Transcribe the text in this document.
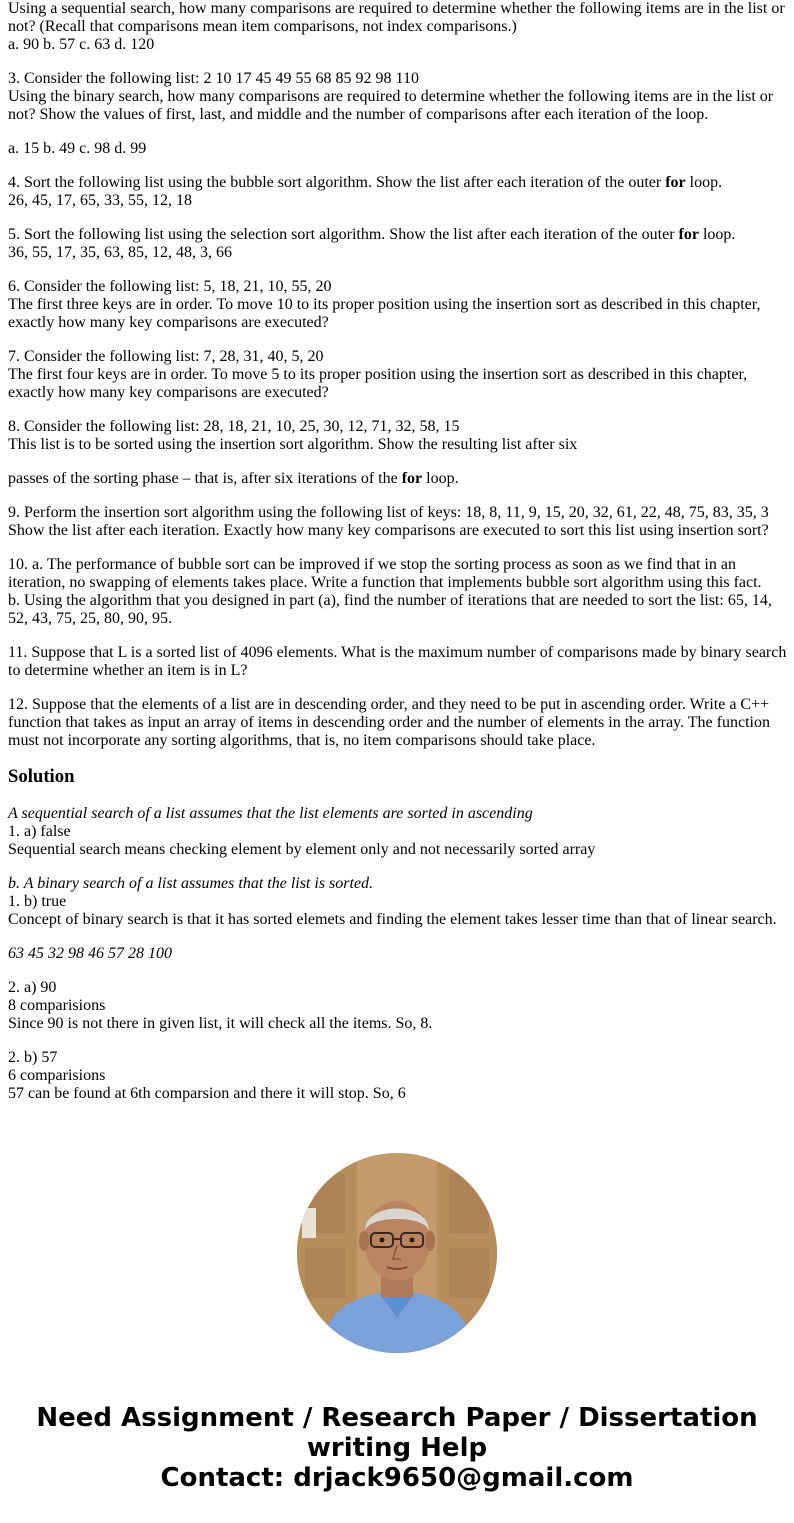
Using a sequential search, how many comparisons are required to determine whether the following items are in the list or not? (Recall that comparisons mean item comparisons, not index comparisons.)
a. 90 b. 57 c. 63 d. 120
3. Consider the following list: 2 10 17 45 49 55 68 85 92 98 110
Using the binary search, how many comparisons are required to determine whether the following items are in the list or not? Show the values of first, last, and middle and the number of comparisons after each iteration of the loop.
a. 15 b. 49 c. 98 d. 99
4. Sort the following list using the bubble sort algorithm. Show the list after each iteration of the outer for loop.
26, 45, 17, 65, 33, 55, 12, 18
5. Sort the following list using the selection sort algorithm. Show the list after each iteration of the outer for loop.
36, 55, 17, 35, 63, 85, 12, 48, 3, 66
6. Consider the following list: 5, 18, 21, 10, 55, 20
The first three keys are in order. To move 10 to its proper position using the insertion sort as described in this chapter, exactly how many key comparisons are executed?
7. Consider the following list: 7, 28, 31, 40, 5, 20
The first four keys are in order. To move 5 to its proper position using the insertion sort as described in this chapter, exactly how many key comparisons are executed?
8. Consider the following list: 28, 18, 21, 10, 25, 30, 12, 71, 32, 58, 15
This list is to be sorted using the insertion sort algorithm. Show the resulting list after six
passes of the sorting phase – that is, after six iterations of the for loop.
9. Perform the insertion sort algorithm using the following list of keys: 18, 8, 11, 9, 15, 20, 32, 61, 22, 48, 75, 83, 35, 3
Show the list after each iteration. Exactly how many key comparisons are executed to sort this list using insertion sort?
10. a. The performance of bubble sort can be improved if we stop the sorting process as soon as we find that in an iteration, no swapping of elements takes place. Write a function that implements bubble sort algorithm using this fact.
b. Using the algorithm that you designed in part (a), find the number of iterations that are needed to sort the list: 65, 14, 52, 43, 75, 25, 80, 90, 95.
11. Suppose that L is a sorted list of 4096 elements. What is the maximum number of comparisons made by binary search to determine whether an item is in L?
12. Suppose that the elements of a list are in descending order, and they need to be put in ascending order. Write a C++ function that takes as input an array of items in descending order and the number of elements in the array. The function must not incorporate any sorting algorithms, that is, no item comparisons should take place.
Solution
A sequential search of a list assumes that the list elements are sorted in ascending
1. a) false
Sequential search means checking element by element only and not necessarily sorted array
b. A binary search of a list assumes that the list is sorted.
1. b) true
Concept of binary search is that it has sorted elemets and finding the element takes lesser time than that of linear search.
63 45 32 98 46 57 28 100
2. a) 90
8 comparisions
Since 90 is not there in given list, it will check all the items. So, 8.
2. b) 57
6 comparisions
57 can be found at 6th comparsion and there it will stop. So, 6
Need Assignment / Research Paper / Dissertation
writing Help
Contact: drjack9650@gmail.com
